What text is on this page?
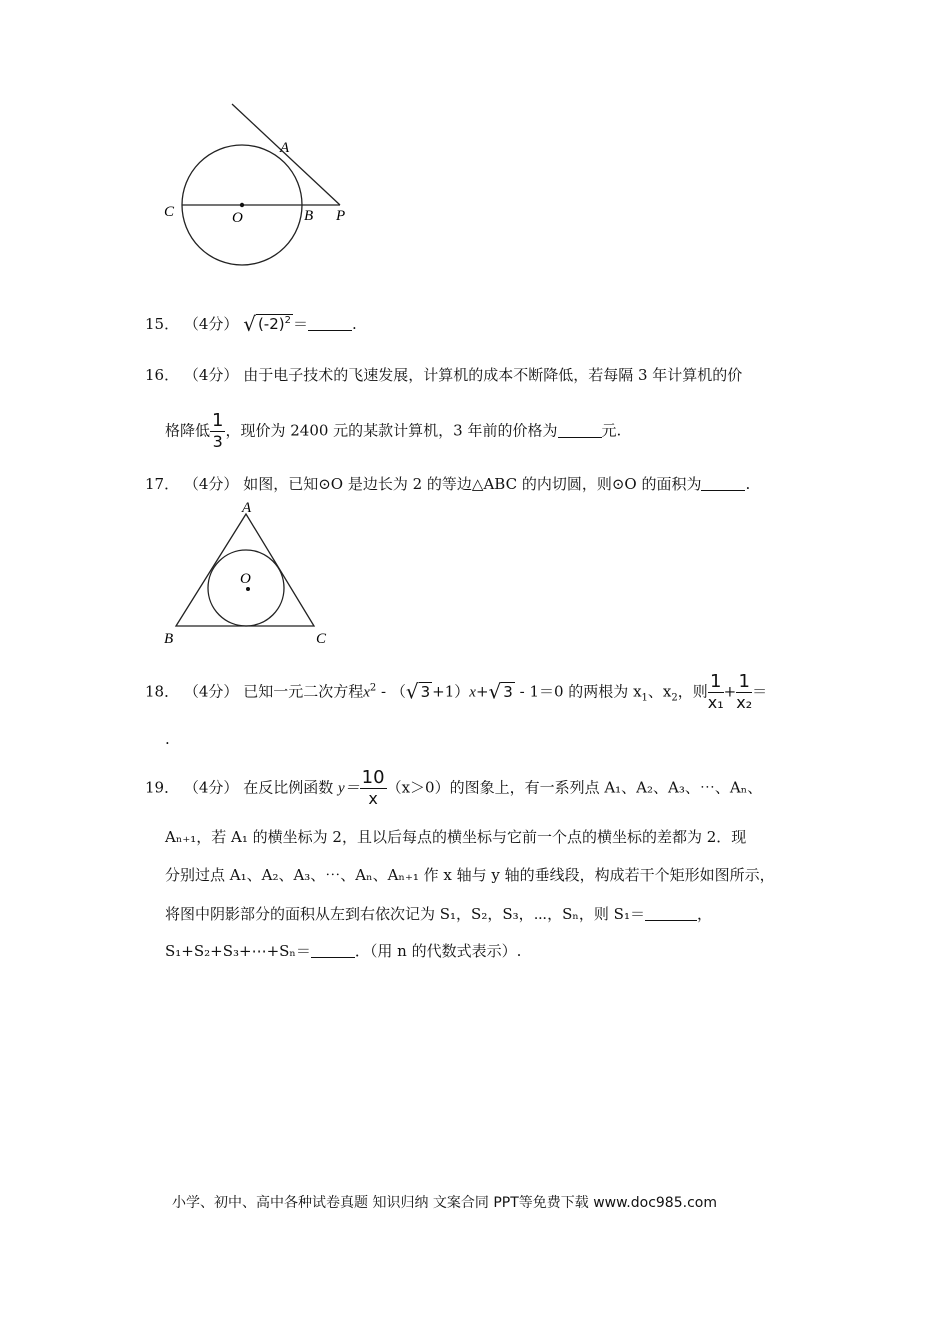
A
C	O	B P
15． （4分） √ $(-2)^2$ ＝	.
16． （4分） 由于电子技术的飞速发展，计算机的成本不断降低，若每隔 3 年计算机的价
格降低 $\frac{1}{3}$ ，现价为 2400 元的某款计算机，3 年前的价格为	元.
17． （4分） 如图，已知⊙O 是边长为 2 的等边△ABC 的内切圆，则⊙O 的面积为	.
A
O
B	C
18． （4分） 已知一元二次方程$x^2$ - （√ 3 +1）x+√ 3 - 1＝0 的两根为 $x_1$、$x_2$，则 $\frac{1}{\text{x₁}} + \frac{1}{\text{x₂}}$ ＝
.
19． （4分） 在反比例函数 $y= \frac{10}{x} (x>0)$的图象上，有一系列点 A₁、A₂、A₃、⋯、Aₙ、
Aₙ₊₁，若 A₁ 的横坐标为 2，且以后每点的横坐标与它前一个点的横坐标的差都为 2．现
分别过点 A₁、A₂、A₃、⋯、Aₙ、Aₙ₊₁ 作 x 轴与 y 轴的垂线段，构成若干个矩形如图所示，
将图中阴影部分的面积从左到右依次记为 S₁，S₂，S₃，⋯，Sₙ，则 S₁＝	，
S₁+S₂+S₃+⋯+Sₙ＝	．（用 n 的代数式表示）.
小学、初中、高中各种试卷真题 知识归纳 文案合同 PPT等免费下载 www.doc985.com
